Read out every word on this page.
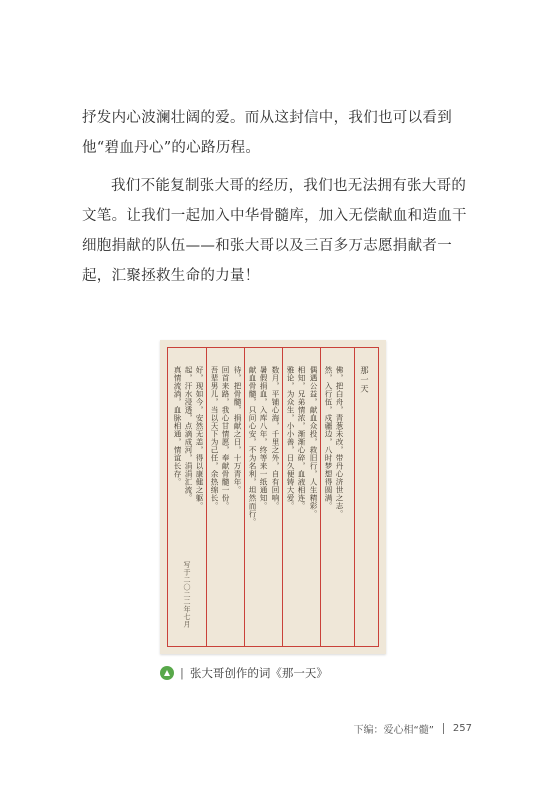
抒发内心波澜壮阔的爱。而从这封信中，我们也可以看到他“碧血丹心”的心路历程。

我们不能复制张大哥的经历，我们也无法拥有张大哥的文笔。让我们一起加入中华骨髓库，加入无偿献血和造血干细胞捐献的队伍——和张大哥以及三百多万志愿捐献者一起，汇聚拯救生命的力量！

那一天
佛，把白舟，青葱未改，带丹心济世之志。
然，入行伍，戍疆边，八时梦想得圆满。
偶遇公益，献血众投，救旧行，人生精彩。
相知，兄弟情浓，渐渐心碎，血液相连。
雅论，为众生，小小善，日久便铸大爱。
数月，平铺心海，千里之外，自有回响。
暑假捐血，入库八年，终等来一纸通知。
献血骨髓，只问心安，不为名利，坦然而行。
待，把骨髓，捐献之日，十万青年。
回首来路，我心甘情愿，奉献骨髓一份。
吾辈男儿，当以天下为己任，余热绵长。
好，现如今，安然无恙，得以康健之躯。
起，汗水浸透，点滴成河，涓涓汇流。
真情流淌，血脉相通，情谊长存。
写于二〇二二年七月
| 张大哥创作的词《那一天》
下编：爱心相“髓” 257
